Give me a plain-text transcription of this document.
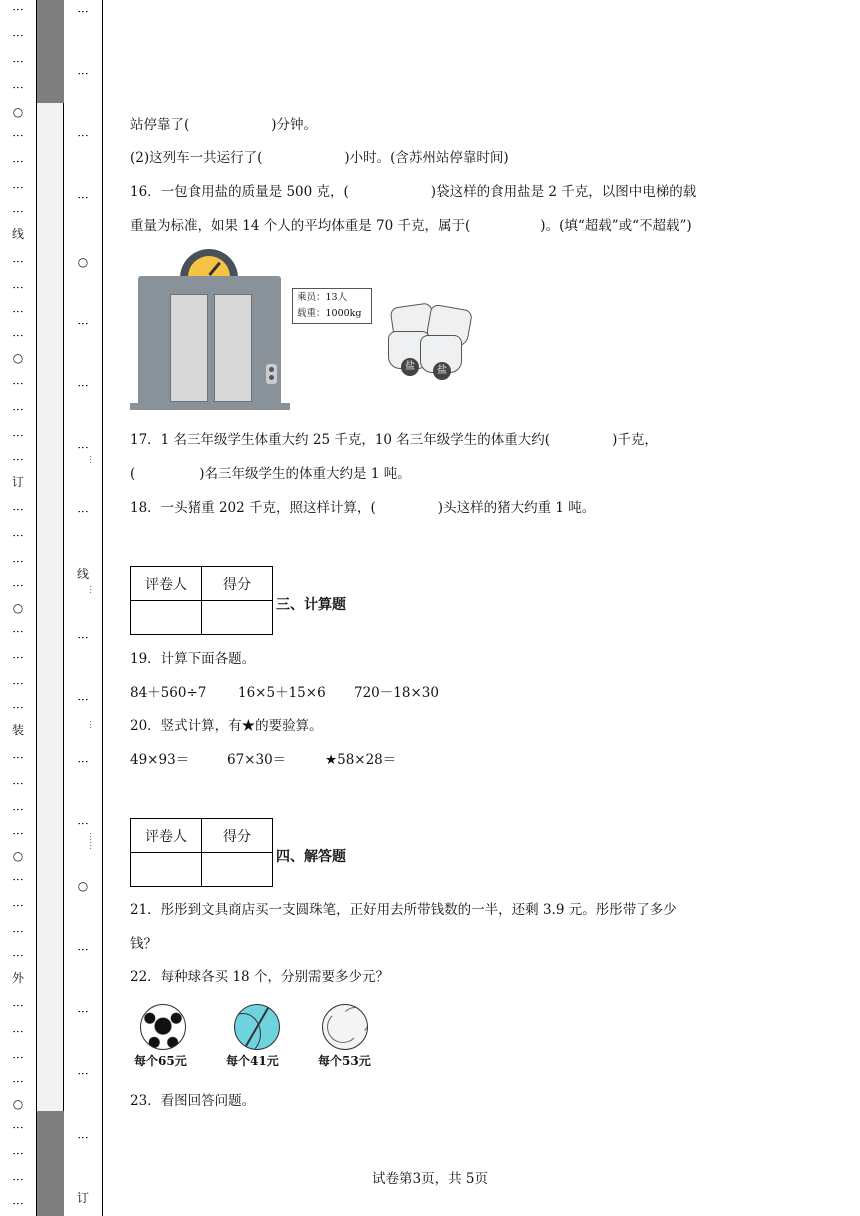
⋮
⋮
⋮
⋮
○
⋮
⋮
⋮
⋮
线
⋮
⋮
⋮
⋮
○
⋮
⋮
⋮
⋮
订
⋮
⋮
⋮
⋮
○
⋮
⋮
⋮
⋮
装
⋮
⋮
⋮
⋮
○
⋮
⋮
⋮
⋮
外
⋮
⋮
⋮
⋮
○
⋮
⋮
⋮
⋮
…
…
…
……
⋮
⋮
⋮
⋮
○
⋮
⋮
⋮
⋮
线
⋮
⋮
⋮
⋮
○
⋮
⋮
⋮
⋮
订
站停靠了(	)分钟。
(2)这列车一共运行了(	)小时。(含苏州站停靠时间)
16．一包食用盐的质量是 500 克，(	)袋这样的食用盐是 2 千克，以图中电梯的载
重量为标准，如果 14 个人的平均体重是 70 千克，属于(	)。(填“超载”或“不超载”)
乘员：13人
载重：1000kg
盐	盐
17．1 名三年级学生体重大约 25 千克，10 名三年级学生的体重大约(	)千克，
(	)名三年级学生的体重大约是 1 吨。
18．一头猪重 202 千克，照这样计算，(	)头这样的猪大约重 1 吨。
评卷人	得分

三、计算题
19．计算下面各题。
84＋560÷7 16×5＋15×6 720－18×30
20．竖式计算，有★的要验算。
49×93＝	67×30＝	★58×28＝
评卷人	得分

四、解答题
21．彤彤到文具商店买一支圆珠笔，正好用去所带钱数的一半，还剩 3.9 元。彤彤带了多少
钱？
22．每种球各买 18 个，分别需要多少元？
每个65元	每个41元	每个53元
23．看图回答问题。
试卷第3页，共 5页
